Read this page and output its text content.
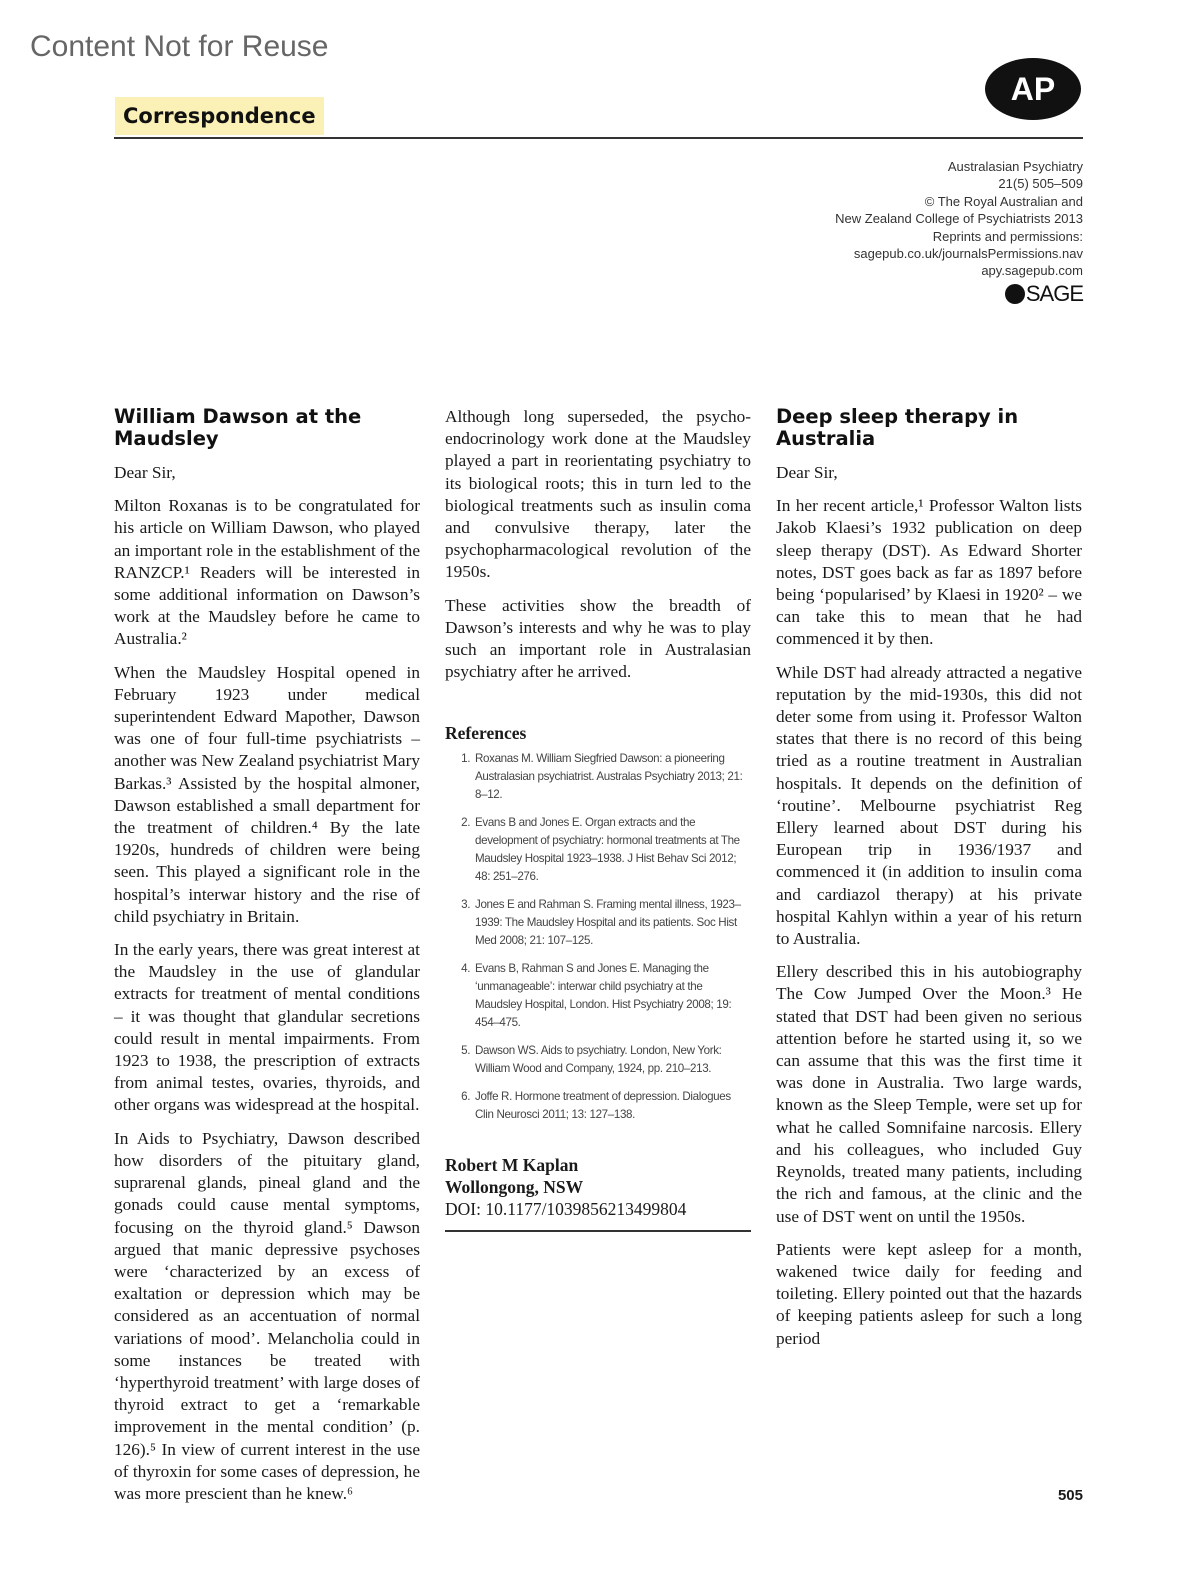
Content Not for Reuse
Correspondence
AP
Australasian Psychiatry
21(5) 505–509
© The Royal Australian and
New Zealand College of Psychiatrists 2013
Reprints and permissions:
sagepub.co.uk/journalsPermissions.nav
apy.sagepub.com
SAGE
William Dawson at the Maudsley

Dear Sir,

Milton Roxanas is to be congratulated for his article on William Dawson, who played an important role in the establishment of the RANZCP.¹ Readers will be interested in some additional information on Dawson’s work at the Maudsley before he came to Australia.²

When the Maudsley Hospital opened in February 1923 under medical superintendent Edward Mapother, Dawson was one of four full-time psychiatrists – another was New Zealand psychiatrist Mary Barkas.³ Assisted by the hospital almoner, Dawson established a small department for the treatment of children.⁴ By the late 1920s, hundreds of children were being seen. This played a significant role in the hospital’s interwar history and the rise of child psychiatry in Britain.

In the early years, there was great interest at the Maudsley in the use of glandular extracts for treatment of mental conditions – it was thought that glandular secretions could result in mental impairments. From 1923 to 1938, the prescription of extracts from animal testes, ovaries, thyroids, and other organs was widespread at the hospital.

In Aids to Psychiatry, Dawson described how disorders of the pituitary gland, suprarenal glands, pineal gland and the gonads could cause mental symptoms, focusing on the thyroid gland.⁵ Dawson argued that manic depressive psychoses were ‘characterized by an excess of exaltation or depression which may be considered as an accentuation of normal variations of mood’. Melancholia could in some instances be treated with ‘hyperthyroid treatment’ with large doses of thyroid extract to get a ‘remarkable improvement in the mental condition’ (p. 126).⁵ In view of current interest in the use of thyroxin for some cases of depression, he was more prescient than he knew.⁶

Although long superseded, the psycho-endocrinology work done at the Maudsley played a part in reorientating psychiatry to its biological roots; this in turn led to the biological treatments such as insulin coma and convulsive therapy, later the psychopharmacological revolution of the 1950s.

These activities show the breadth of Dawson’s interests and why he was to play such an important role in Australasian psychiatry after he arrived.

References
1. Roxanas M. William Siegfried Dawson: a pioneering Australasian psychiatrist. Australas Psychiatry 2013; 21: 8–12.
2. Evans B and Jones E. Organ extracts and the development of psychiatry: hormonal treatments at The Maudsley Hospital 1923–1938. J Hist Behav Sci 2012; 48: 251–276.
3. Jones E and Rahman S. Framing mental illness, 1923–1939: The Maudsley Hospital and its patients. Soc Hist Med 2008; 21: 107–125.
4. Evans B, Rahman S and Jones E. Managing the ‘unmanageable’: interwar child psychiatry at the Maudsley Hospital, London. Hist Psychiatry 2008; 19: 454–475.
5. Dawson WS. Aids to psychiatry. London, New York: William Wood and Company, 1924, pp. 210–213.
6. Joffe R. Hormone treatment of depression. Dialogues Clin Neurosci 2011; 13: 127–138.
Robert M Kaplan
Wollongong, NSW
DOI: 10.1177/1039856213499804
Deep sleep therapy in Australia

Dear Sir,

In her recent article,¹ Professor Walton lists Jakob Klaesi’s 1932 publication on deep sleep therapy (DST). As Edward Shorter notes, DST goes back as far as 1897 before being ‘popularised’ by Klaesi in 1920² – we can take this to mean that he had commenced it by then.

While DST had already attracted a negative reputation by the mid-1930s, this did not deter some from using it. Professor Walton states that there is no record of this being tried as a routine treatment in Australian hospitals. It depends on the definition of ‘routine’. Melbourne psychiatrist Reg Ellery learned about DST during his European trip in 1936/1937 and commenced it (in addition to insulin coma and cardiazol therapy) at his private hospital Kahlyn within a year of his return to Australia.

Ellery described this in his autobiography The Cow Jumped Over the Moon.³ He stated that DST had been given no serious attention before he started using it, so we can assume that this was the first time it was done in Australia. Two large wards, known as the Sleep Temple, were set up for what he called Somnifaine narcosis. Ellery and his colleagues, who included Guy Reynolds, treated many patients, including the rich and famous, at the clinic and the use of DST went on until the 1950s.

Patients were kept asleep for a month, wakened twice daily for feeding and toileting. Ellery pointed out that the hazards of keeping patients asleep for such a long period

505
